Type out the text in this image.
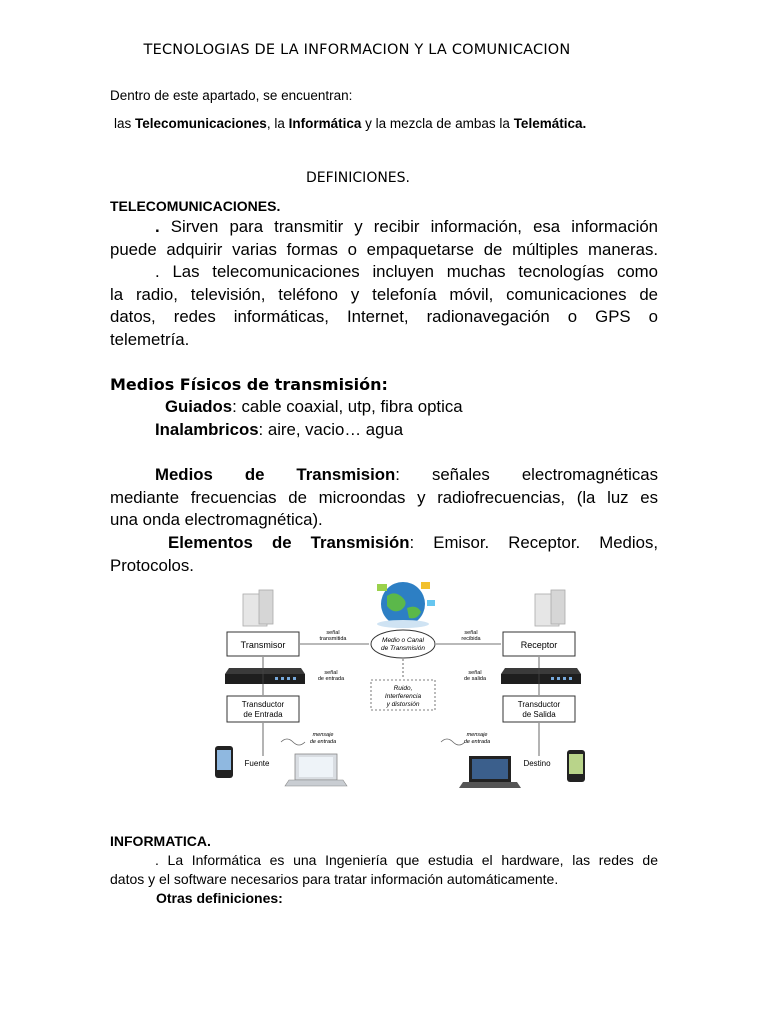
TECNOLOGIAS DE LA INFORMACION Y LA COMUNICACION
Dentro de este apartado, se encuentran:
las Telecomunicaciones, la Informática y la mezcla de ambas la Telemática.
DEFINICIONES.
TELECOMUNICACIONES.
. Sirven para transmitir y recibir información, esa información
puede adquirir varias formas o empaquetarse de múltiples maneras.
. Las telecomunicaciones incluyen muchas tecnologías como
la radio, televisión, teléfono y telefonía móvil, comunicaciones de
datos, redes informáticas, Internet, radionavegación o GPS o
telemetría.
Medios Físicos de transmisión:
Guiados: cable coaxial, utp, fibra optica
Inalambricos: aire, vacio… agua
Medios de Transmision: señales electromagnéticas
mediante frecuencias de microondas y radiofrecuencias, (la luz es
una onda electromagnética).
Elementos de Transmisión: Emisor. Receptor. Medios,
Protocolos.
Transmisor	Receptor
Medio o Canal
de Transmisión
señal
transmitida
señal
recibida
Ruido,
Interferencia
y distorsión
señal
de entrada
señal
de salida
Transductor
de Entrada
Transductor
de Salida
mensaje
de entrada
mensaje
de entrada
Fuente	Destino
INFORMATICA.
. La Informática es una Ingeniería que estudia el hardware, las redes de
datos y el software necesarios para tratar información automáticamente.
Otras definiciones:
